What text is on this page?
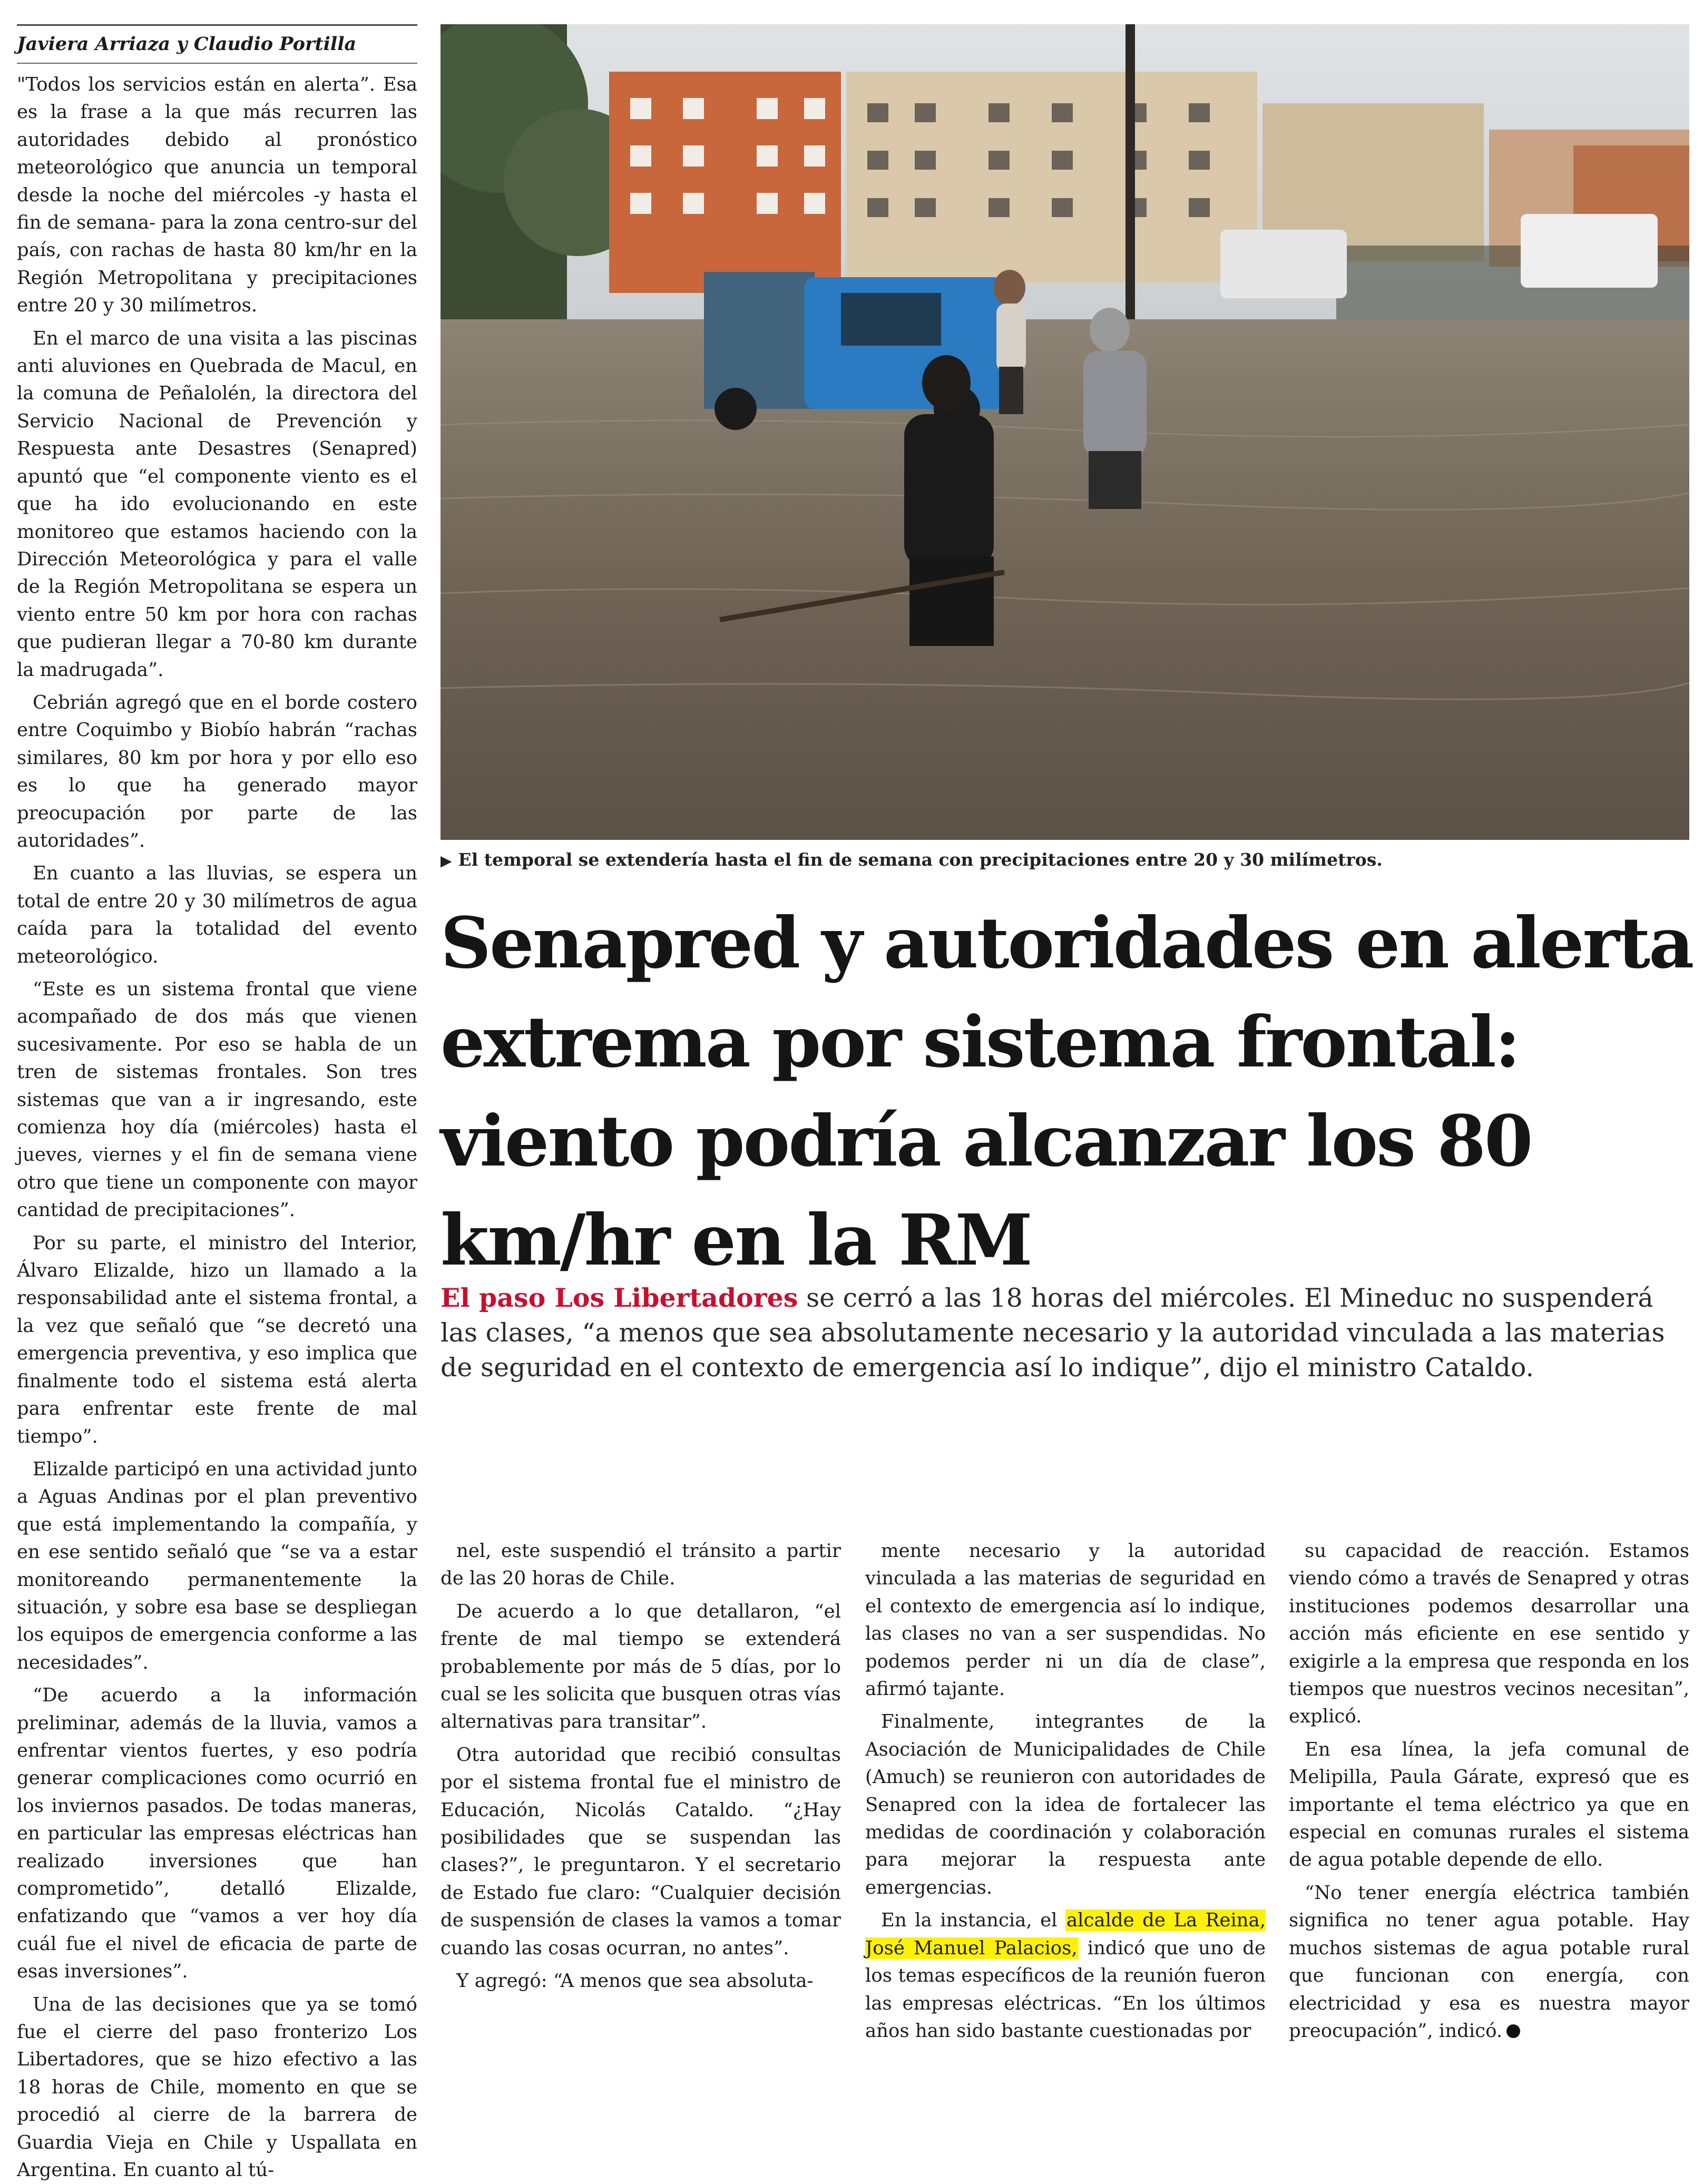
Javiera Arriaza y Claudio Portilla

"Todos los servicios están en alerta”. Esa es la frase a la que más recurren las autoridades debido al pronóstico meteorológico que anuncia un temporal desde la noche del miércoles -y hasta el fin de semana- para la zona centro-sur del país, con rachas de hasta 80 km/hr en la Región Metropolitana y precipitaciones entre 20 y 30 milímetros.

En el marco de una visita a las piscinas anti aluviones en Quebrada de Macul, en la comuna de Peñalolén, la directora del Servicio Nacional de Prevención y Respuesta ante Desastres (Senapred) apuntó que “el componente viento es el que ha ido evolucionando en este monitoreo que estamos haciendo con la Dirección Meteorológica y para el valle de la Región Metropolitana se espera un viento entre 50 km por hora con rachas que pudieran llegar a 70-80 km durante la madrugada”.

Cebrián agregó que en el borde costero entre Coquimbo y Biobío habrán “rachas similares, 80 km por hora y por ello eso es lo que ha generado mayor preocupación por parte de las autoridades”.

En cuanto a las lluvias, se espera un total de entre 20 y 30 milímetros de agua caída para la totalidad del evento meteorológico.

“Este es un sistema frontal que viene acompañado de dos más que vienen sucesivamente. Por eso se habla de un tren de sistemas frontales. Son tres sistemas que van a ir ingresando, este comienza hoy día (miércoles) hasta el jueves, viernes y el fin de semana viene otro que tiene un componente con mayor cantidad de precipitaciones”.

Por su parte, el ministro del Interior, Álvaro Elizalde, hizo un llamado a la responsabilidad ante el sistema frontal, a la vez que señaló que “se decretó una emergencia preventiva, y eso implica que finalmente todo el sistema está alerta para enfrentar este frente de mal tiempo”.

Elizalde participó en una actividad junto a Aguas Andinas por el plan preventivo que está implementando la compañía, y en ese sentido señaló que “se va a estar monitoreando permanentemente la situación, y sobre esa base se despliegan los equipos de emergencia conforme a las necesidades”.

“De acuerdo a la información preliminar, además de la lluvia, vamos a enfrentar vientos fuertes, y eso podría generar complicaciones como ocurrió en los inviernos pasados. De todas maneras, en particular las empresas eléctricas han realizado inversiones que han comprometido”, detalló Elizalde, enfatizando que “vamos a ver hoy día cuál fue el nivel de eficacia de parte de esas inversiones”.

Una de las decisiones que ya se tomó fue el cierre del paso fronterizo Los Libertadores, que se hizo efectivo a las 18 horas de Chile, momento en que se procedió al cierre de la barrera de Guardia Vieja en Chile y Uspallata en Argentina. En cuanto al tú-

▶ El temporal se extendería hasta el fin de semana con precipitaciones entre 20 y 30 milímetros.
Senapred y autoridades en alerta extrema por sistema frontal: viento podría alcanzar los 80 km/hr en la RM

El paso Los Libertadores se cerró a las 18 horas del miércoles. El Mineduc no suspenderá las clases, “a menos que sea absolutamente necesario y la autoridad vinculada a las materias de seguridad en el contexto de emergencia así lo indique”, dijo el ministro Cataldo.

nel, este suspendió el tránsito a partir de las 20 horas de Chile.

De acuerdo a lo que detallaron, “el frente de mal tiempo se extenderá probablemente por más de 5 días, por lo cual se les solicita que busquen otras vías alternativas para transitar”.

Otra autoridad que recibió consultas por el sistema frontal fue el ministro de Educación, Nicolás Cataldo. “¿Hay posibilidades que se suspendan las clases?”, le preguntaron. Y el secretario de Estado fue claro: “Cualquier decisión de suspensión de clases la vamos a tomar cuando las cosas ocurran, no antes”.

Y agregó: “A menos que sea absoluta-

mente necesario y la autoridad vinculada a las materias de seguridad en el contexto de emergencia así lo indique, las clases no van a ser suspendidas. No podemos perder ni un día de clase”, afirmó tajante.

Finalmente, integrantes de la Asociación de Municipalidades de Chile (Amuch) se reunieron con autoridades de Senapred con la idea de fortalecer las medidas de coordinación y colaboración para mejorar la respuesta ante emergencias.

En la instancia, el alcalde de La Reina, José Manuel Palacios, indicó que uno de los temas específicos de la reunión fueron las empresas eléctricas. “En los últimos años han sido bastante cuestionadas por

su capacidad de reacción. Estamos viendo cómo a través de Senapred y otras instituciones podemos desarrollar una acción más eficiente en ese sentido y exigirle a la empresa que responda en los tiempos que nuestros vecinos necesitan”, explicó.

En esa línea, la jefa comunal de Melipilla, Paula Gárate, expresó que es importante el tema eléctrico ya que en especial en comunas rurales el sistema de agua potable depende de ello.

“No tener energía eléctrica también significa no tener agua potable. Hay muchos sistemas de agua potable rural que funcionan con energía, con electricidad y esa es nuestra mayor preocupación”, indicó.
